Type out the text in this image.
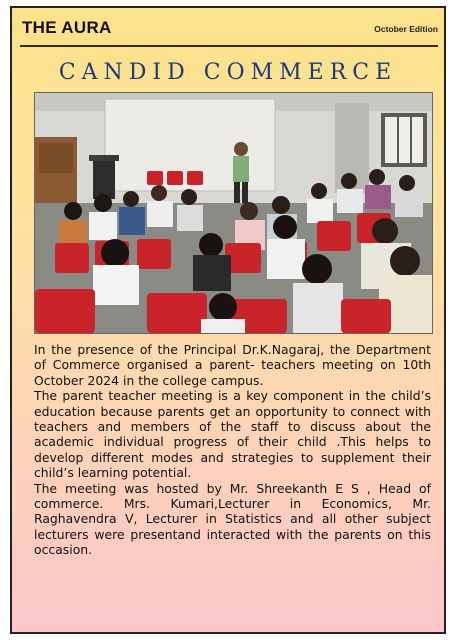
THE AURA	October Edition
CANDID COMMERCE

In the presence of the Principal Dr.K.Nagaraj, the Department of Commerce organised a parent- teachers meeting on 10th October 2024 in the college campus.

The parent teacher meeting is a key component in the child’s education because parents get an opportunity to connect with teachers and members of the staff to discuss about the academic individual progress of their child .This helps to develop different modes and strategies to supplement their child’s learning potential.

The meeting was hosted by Mr. Shreekanth E S , Head of commerce. Mrs. Kumari,Lecturer in Economics, Mr. Raghavendra V, Lecturer in Statistics and all other subject lecturers were presentand interacted with the parents on this occasion.
